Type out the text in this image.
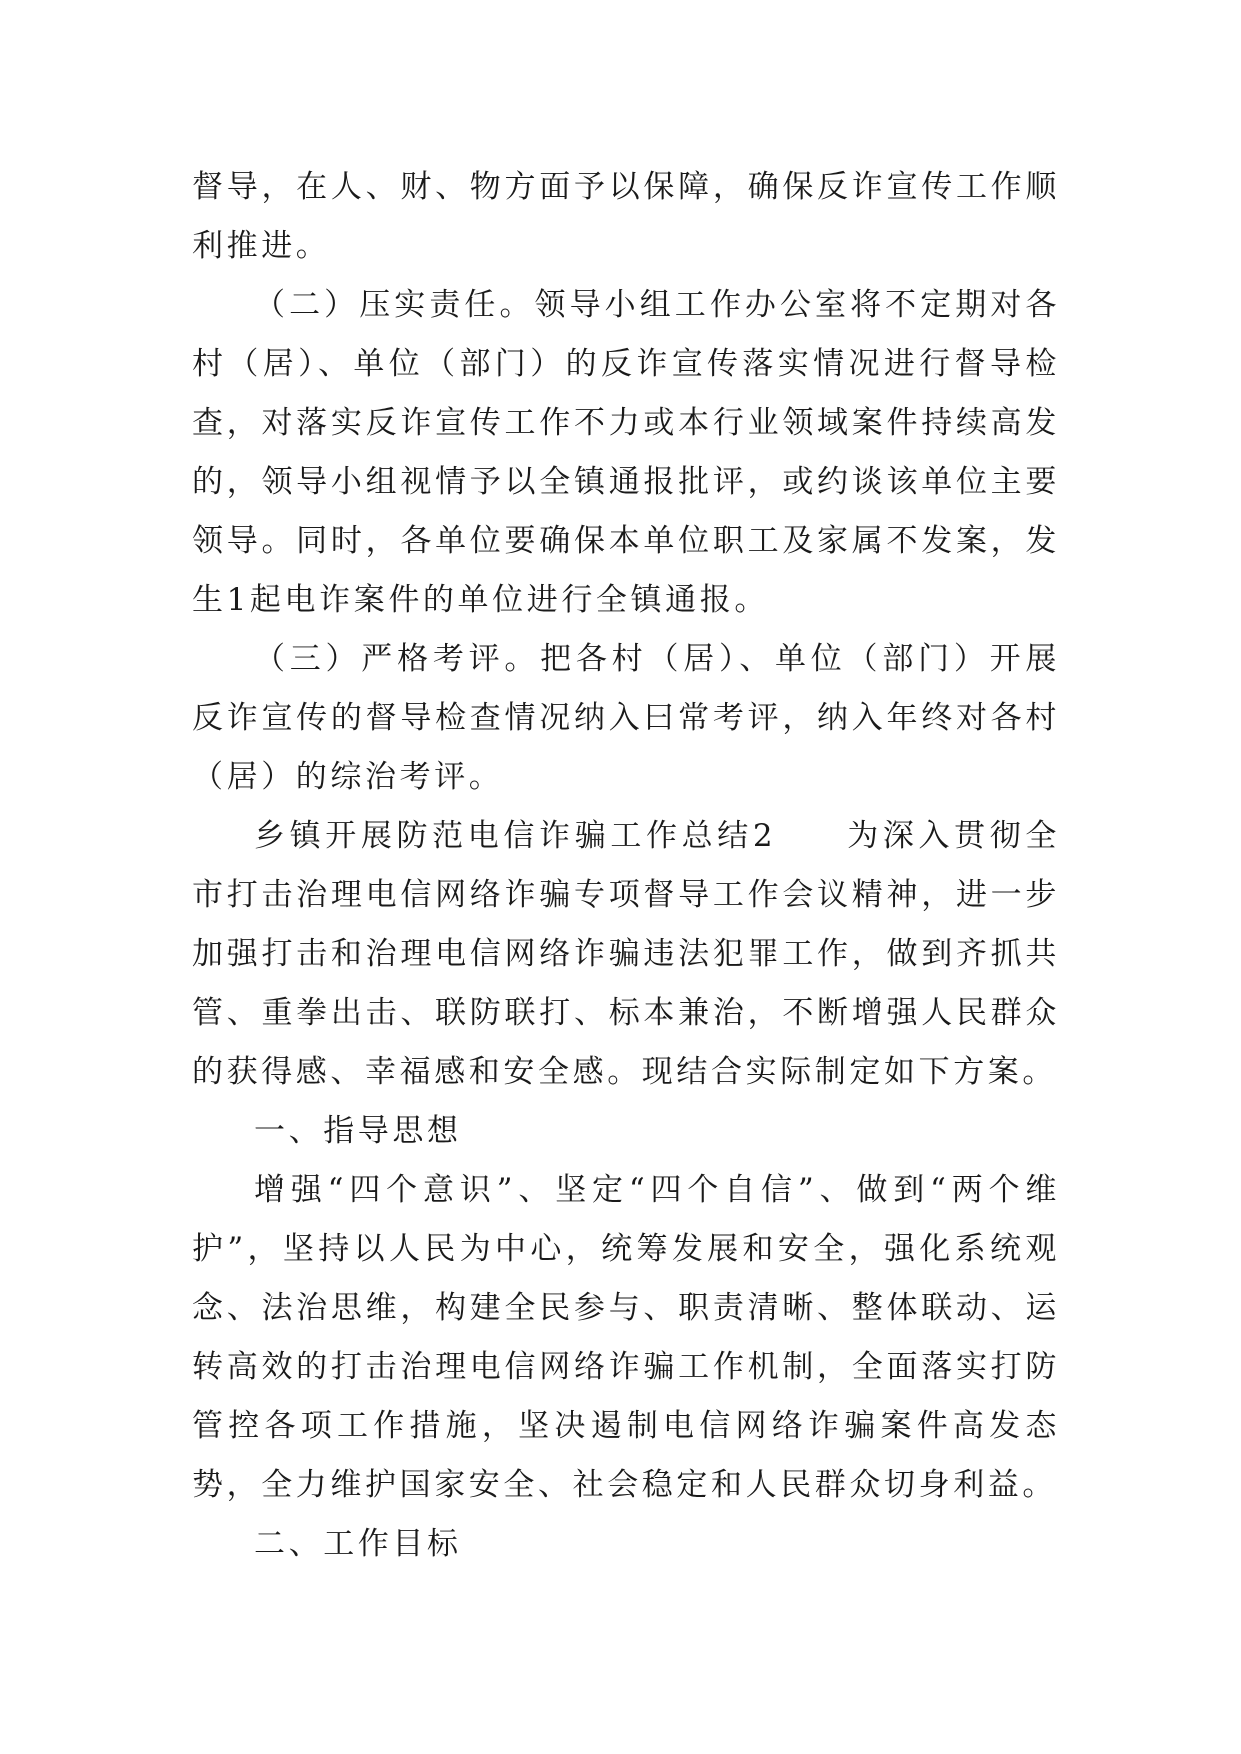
督导，在人、财、物方面予以保障，确保反诈宣传工作顺利推进。

（二）压实责任。领导小组工作办公室将不定期对各村（居）、单位（部门）的反诈宣传落实情况进行督导检查，对落实反诈宣传工作不力或本行业领域案件持续高发的，领导小组视情予以全镇通报批评，或约谈该单位主要领导。同时，各单位要确保本单位职工及家属不发案，发生1起电诈案件的单位进行全镇通报。

（三）严格考评。把各村（居）、单位（部门）开展反诈宣传的督导检查情况纳入曰常考评，纳入年终对各村（居）的综治考评。

乡镇开展防范电信诈骗工作总结2 为深入贯彻全市打击治理电信网络诈骗专项督导工作会议精神，进一步加强打击和治理电信网络诈骗违法犯罪工作，做到齐抓共管、重拳出击、联防联打、标本兼治，不断增强人民群众的获得感、幸福感和安全感。现结合实际制定如下方案。

一、指导思想

增强“四个意识”、坚定“四个自信”、做到“两个维护”，坚持以人民为中心，统筹发展和安全，强化系统观念、法治思维，构建全民参与、职责清晰、整体联动、运转高效的打击治理电信网络诈骗工作机制，全面落实打防管控各项工作措施，坚决遏制电信网络诈骗案件高发态势，全力维护国家安全、社会稳定和人民群众切身利益。

二、工作目标
